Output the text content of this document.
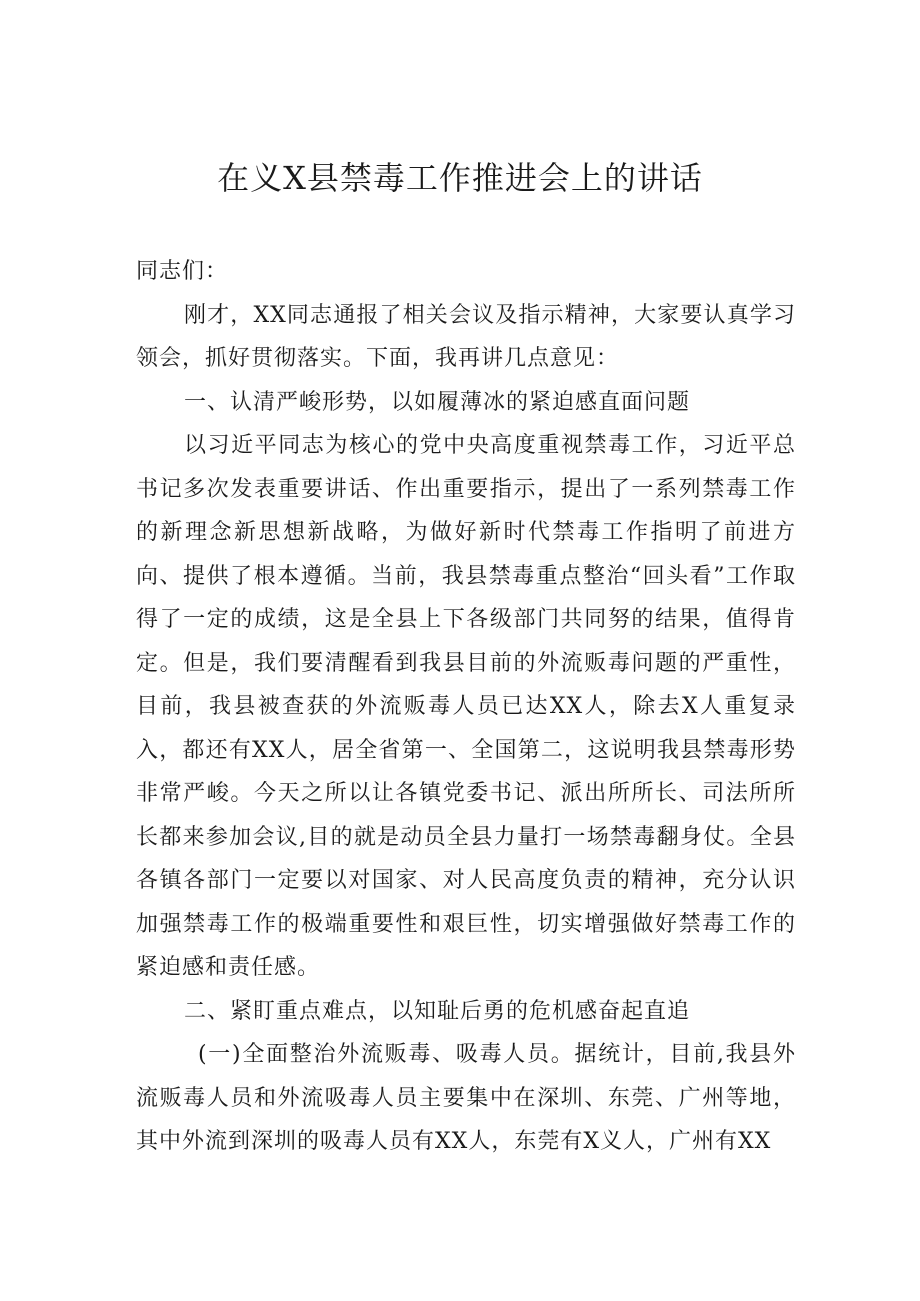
在义X县禁毒工作推进会上的讲话

同志们：

刚才，XX同志通报了相关会议及指示精神，大家要认真学习领会，抓好贯彻落实。下面，我再讲几点意见：

一、认清严峻形势，以如履薄冰的紧迫感直面问题

以习近平同志为核心的党中央高度重视禁毒工作，习近平总书记多次发表重要讲话、作出重要指示，提出了一系列禁毒工作的新理念新思想新战略，为做好新时代禁毒工作指明了前进方向、提供了根本遵循。当前，我县禁毒重点整治“回头看”工作取得了一定的成绩，这是全县上下各级部门共同努的结果，值得肯定。但是，我们要清醒看到我县目前的外流贩毒问题的严重性，目前，我县被查获的外流贩毒人员已达XX人，除去X人重复录入，都还有XX人，居全省第一、全国第二，这说明我县禁毒形势非常严峻。今天之所以让各镇党委书记、派出所所长、司法所所长都来参加会议,目的就是动员全县力量打一场禁毒翻身仗。全县各镇各部门一定要以对国家、对人民高度负责的精神，充分认识加强禁毒工作的极端重要性和艰巨性，切实增强做好禁毒工作的紧迫感和责任感。

二、紧盯重点难点，以知耻后勇的危机感奋起直追

(一)全面整治外流贩毒、吸毒人员。据统计，目前,我县外流贩毒人员和外流吸毒人员主要集中在深圳、东莞、广州等地，其中外流到深圳的吸毒人员有XX人，东莞有X义人，广州有XX
